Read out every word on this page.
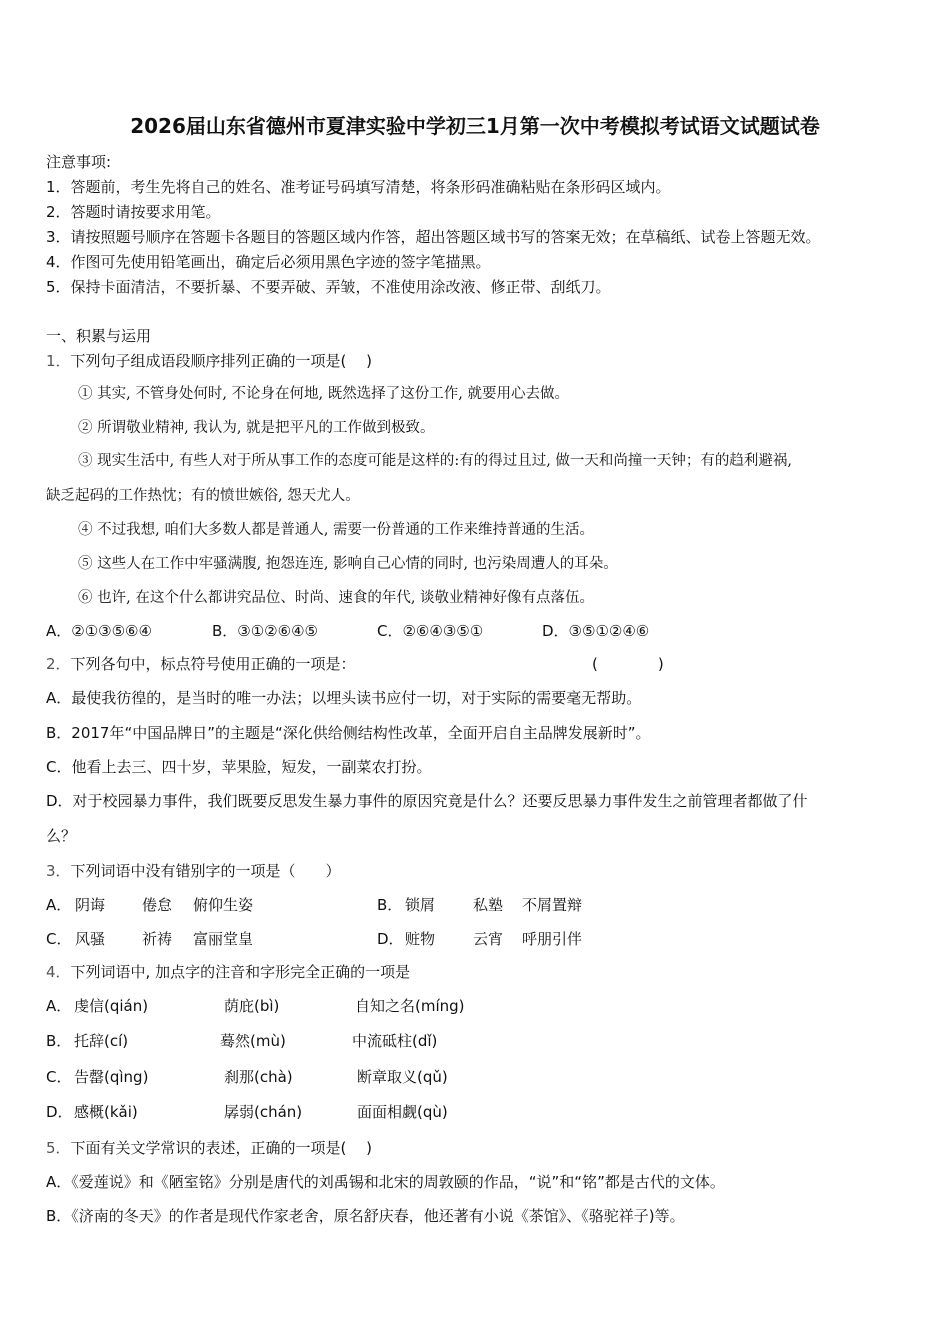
2026届山东省德州市夏津实验中学初三1月第一次中考模拟考试语文试题试卷
注意事项:
1．答题前，考生先将自己的姓名、准考证号码填写清楚，将条形码准确粘贴在条形码区域内。
2．答题时请按要求用笔。
3．请按照题号顺序在答题卡各题目的答题区域内作答，超出答题区域书写的答案无效；在草稿纸、试卷上答题无效。
4．作图可先使用铅笔画出，确定后必须用黑色字迹的签字笔描黑。
5．保持卡面清洁，不要折暴、不要弄破、弄皱，不准使用涂改液、修正带、刮纸刀。
一、积累与运用
1．下列句子组成语段顺序排列正确的一项是(　 )
① 其实, 不管身处何时, 不论身在何地, 既然选择了这份工作, 就要用心去做。
② 所谓敬业精神, 我认为, 就是把平凡的工作做到极致。
③ 现实生活中, 有些人对于所从事工作的态度可能是这样的:有的得过且过, 做一天和尚撞一天钟；有的趋利避祸,
缺乏起码的工作热忱；有的愤世嫉俗, 怨天尤人。
④ 不过我想, 咱们大多数人都是普通人, 需要一份普通的工作来维持普通的生活。
⑤ 这些人在工作中牢骚满腹, 抱怨连连, 影响自己心情的同时, 也污染周遭人的耳朵。
⑥ 也许, 在这个什么都讲究品位、时尚、速食的年代, 谈敬业精神好像有点落伍。
A．②①③⑤⑥④	B．③①②⑥④⑤	C．②⑥④③⑤①	D．③⑤①②④⑥
2．下列各句中，标点符号使用正确的一项是：	(　　　　)
A．最使我彷徨的，是当时的唯一办法；以埋头读书应付一切，对于实际的需要毫无帮助。
B．2017年“中国品牌日”的主题是“深化供给侧结构性改革，全面开启自主品牌发展新时”。
C．他看上去三、四十岁，苹果脸，短发，一副菜农打扮。
D．对于校园暴力事件，我们既要反思发生暴力事件的原因究竟是什么？还要反思暴力事件发生之前管理者都做了什
么？
3．下列词语中没有错别字的一项是（　　）
A． 阴诲 倦怠 俯仰生姿	B． 锁屑	私塾 不屑置辩
C． 风骚 祈祷 富丽堂皇	D． 赃物	云宵 呼朋引伴
4．下列词语中, 加点字的注音和字形完全正确的一项是
A． 虔信(qián)	荫庇(bì)	自知之名(míng)
B． 托辞(cí)	蓦然(mù)	中流砥柱(dǐ)
C． 告罄(qìng)	刹那(chà)	断章取义(qǔ)
D． 感概(kǎi)	孱弱(chán)	面面相觑(qù)
5．下面有关文学常识的表述，正确的一项是(　 )
A．《爱莲说》和《陋室铭》分别是唐代的刘禹锡和北宋的周敦颐的作品，“说”和“铭”都是古代的文体。
B．《济南的冬天》的作者是现代作家老舍，原名舒庆春，他还著有小说《茶馆》、《骆驼祥子)等。
